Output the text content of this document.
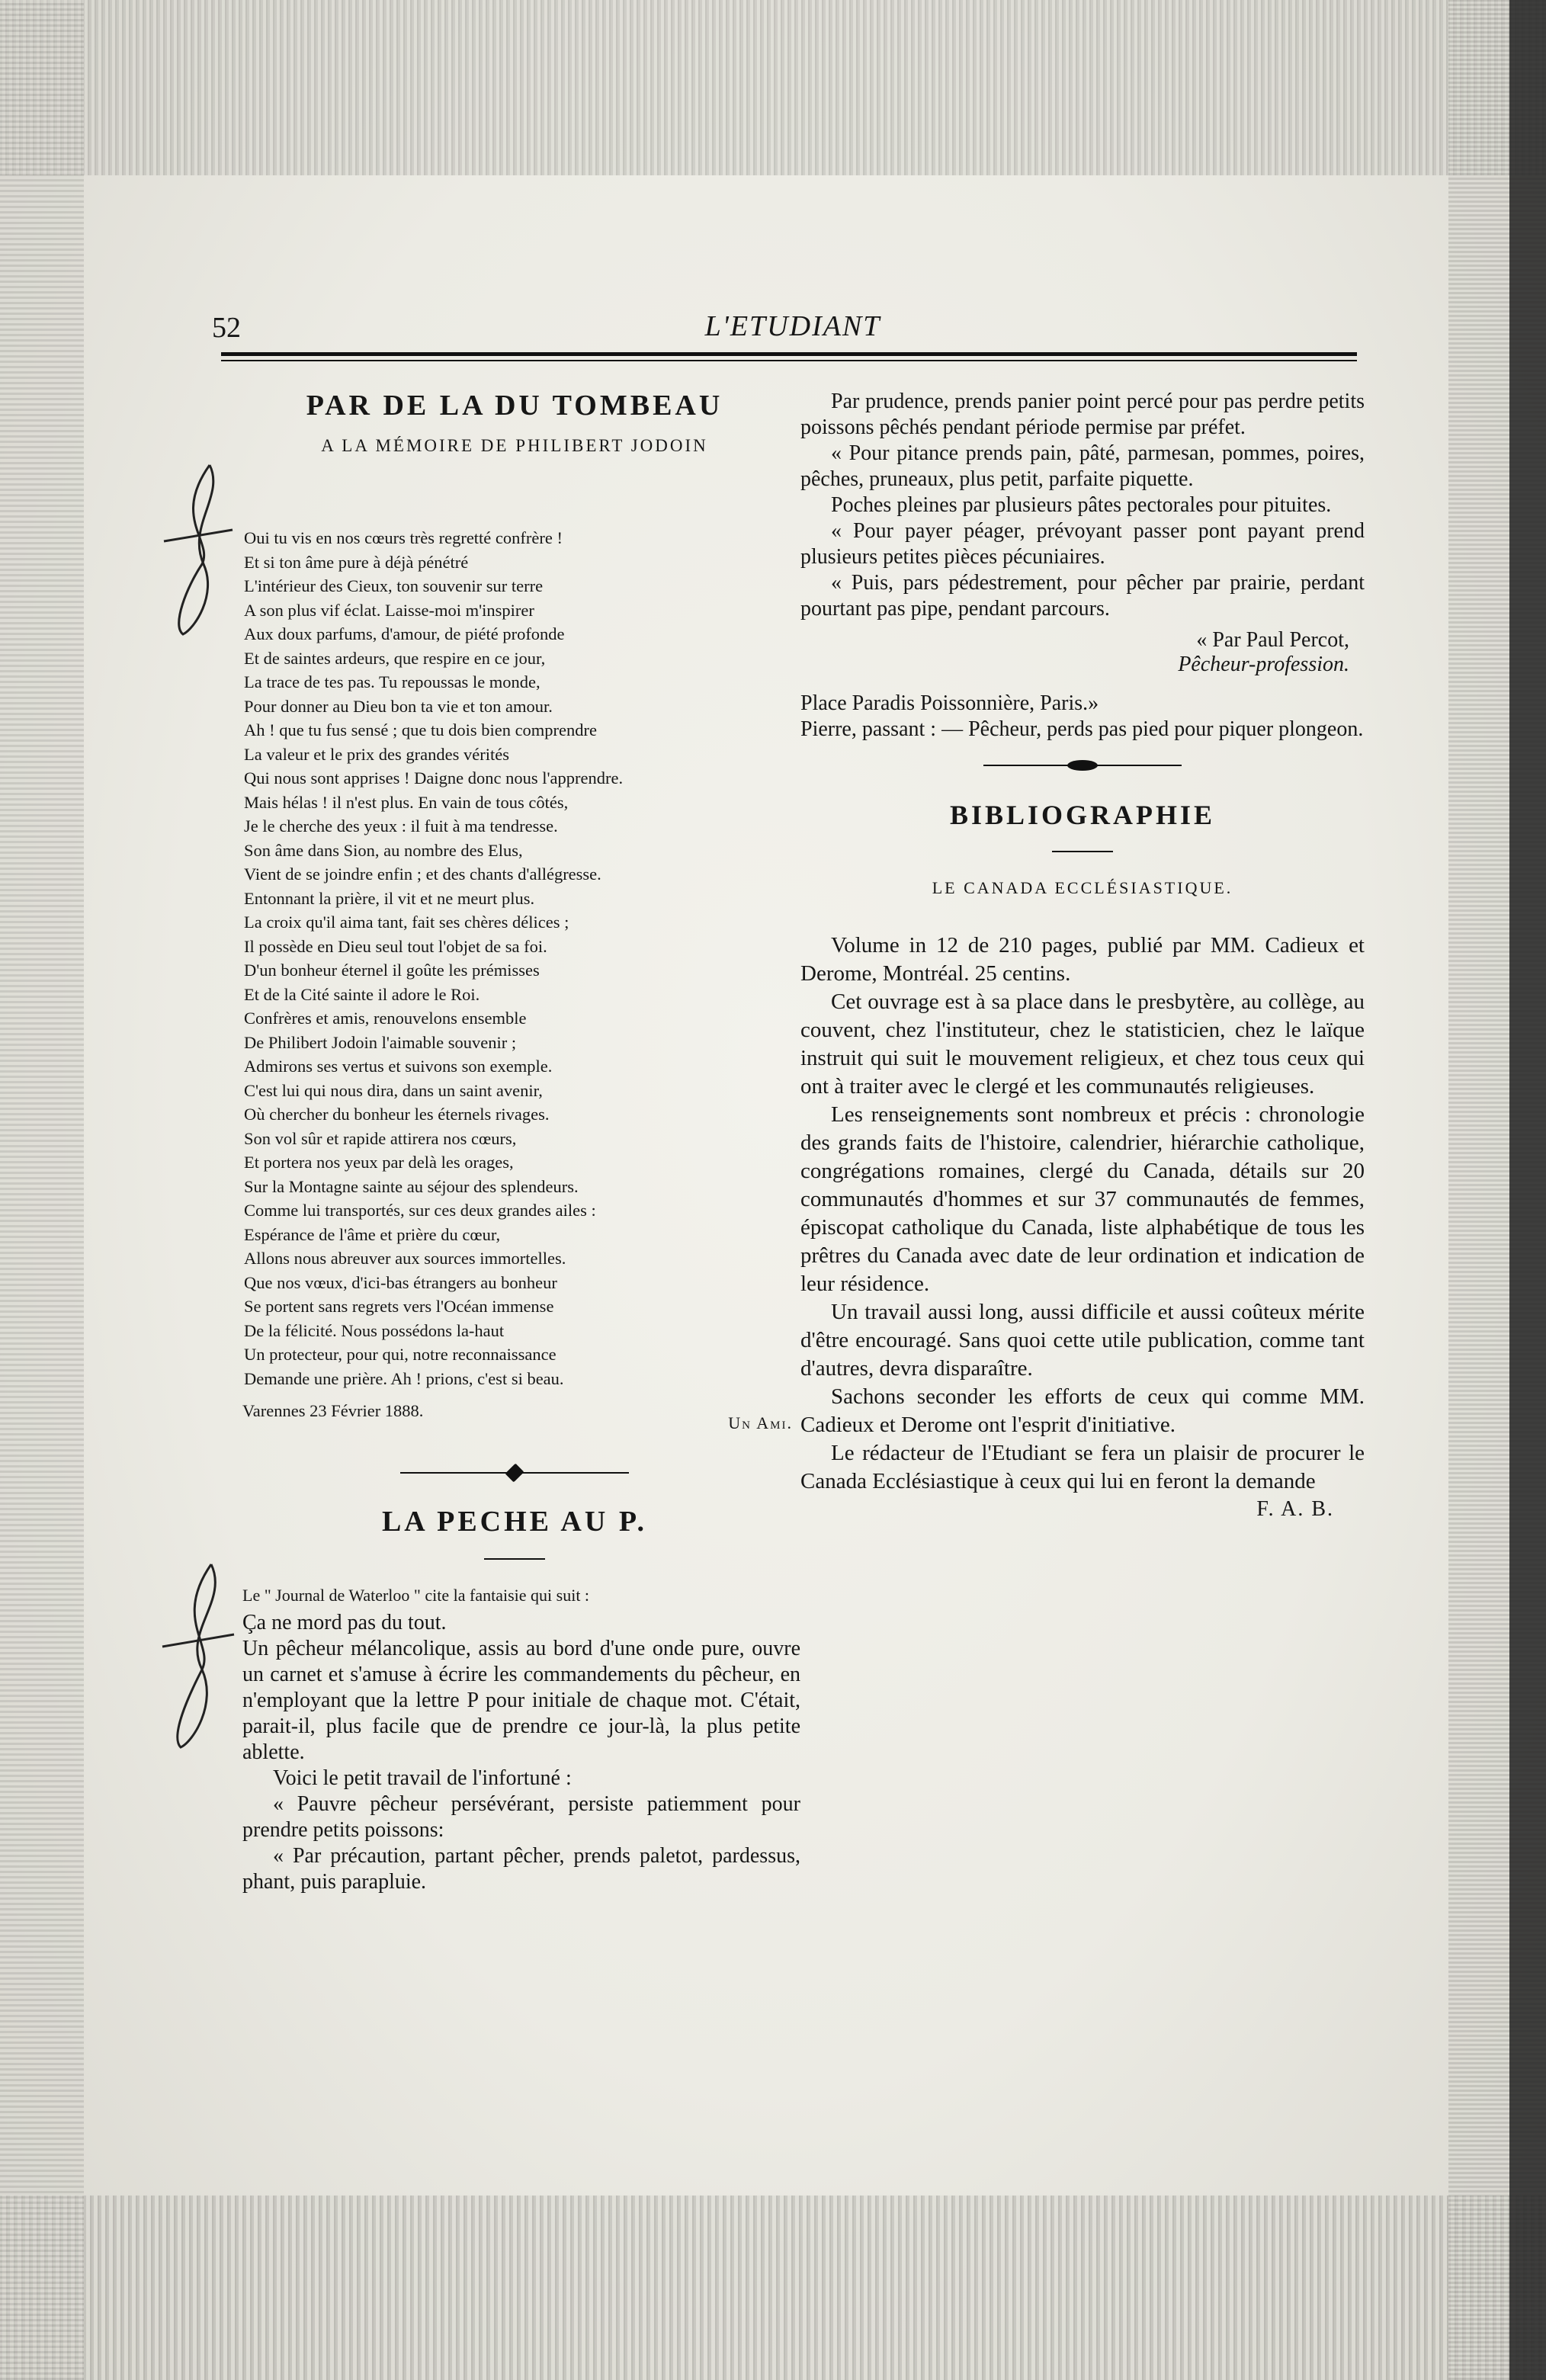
52	L'ETUDIANT
PAR DE LA DU TOMBEAU
A LA MÉMOIRE DE PHILIBERT JODOIN
Oui tu vis en nos cœurs très regretté confrère !
Et si ton âme pure à déjà pénétré
L'intérieur des Cieux, ton souvenir sur terre
A son plus vif éclat. Laisse-moi m'inspirer
Aux doux parfums, d'amour, de piété profonde
Et de saintes ardeurs, que respire en ce jour,
La trace de tes pas. Tu repoussas le monde,
Pour donner au Dieu bon ta vie et ton amour.
Ah ! que tu fus sensé ; que tu dois bien comprendre
La valeur et le prix des grandes vérités
Qui nous sont apprises ! Daigne donc nous l'apprendre.
Mais hélas ! il n'est plus. En vain de tous côtés,
Je le cherche des yeux : il fuit à ma tendresse.
Son âme dans Sion, au nombre des Elus,
Vient de se joindre enfin ; et des chants d'allégresse.
Entonnant la prière, il vit et ne meurt plus.
La croix qu'il aima tant, fait ses chères délices ;
Il possède en Dieu seul tout l'objet de sa foi.
D'un bonheur éternel il goûte les prémisses
Et de la Cité sainte il adore le Roi.
Confrères et amis, renouvelons ensemble
De Philibert Jodoin l'aimable souvenir ;
Admirons ses vertus et suivons son exemple.
C'est lui qui nous dira, dans un saint avenir,
Où chercher du bonheur les éternels rivages.
Son vol sûr et rapide attirera nos cœurs,
Et portera nos yeux par delà les orages,
Sur la Montagne sainte au séjour des splendeurs.
Comme lui transportés, sur ces deux grandes ailes :
Espérance de l'âme et prière du cœur,
Allons nous abreuver aux sources immortelles.
Que nos vœux, d'ici-bas étrangers au bonheur
Se portent sans regrets vers l'Océan immense
De la félicité. Nous possédons la-haut
Un protecteur, pour qui, notre reconnaissance
Demande une prière. Ah ! prions, c'est si beau.
Varennes 23 Février 1888.
Un Ami.
LA PECHE AU P.

Le " Journal de Waterloo " cite la fantaisie qui suit :

Ça ne mord pas du tout.

Un pêcheur mélancolique, assis au bord d'une onde pure, ouvre un carnet et s'amuse à écrire les commandements du pêcheur, en n'employant que la lettre P pour initiale de chaque mot. C'était, parait-il, plus facile que de prendre ce jour-là, la plus petite ablette.

Voici le petit travail de l'infortuné :

« Pauvre pêcheur persévérant, persiste patiemment pour prendre petits poissons:

« Par précaution, partant pêcher, prends paletot, pardessus, phant, puis parapluie.

Par prudence, prends panier point percé pour pas perdre petits poissons pêchés pendant période permise par préfet.

« Pour pitance prends pain, pâté, parmesan, pommes, poires, pêches, pruneaux, plus petit, parfaite piquette.

Poches pleines par plusieurs pâtes pectorales pour pituites.

« Pour payer péager, prévoyant passer pont payant prend plusieurs petites pièces pécuniaires.

« Puis, pars pédestrement, pour pêcher par prairie, perdant pourtant pas pipe, pendant parcours.

« Par Paul Percot,
Pêcheur-profession.

Place Paradis Poissonnière, Paris.»

Pierre, passant : — Pêcheur, perds pas pied pour piquer plongeon.

BIBLIOGRAPHIE
LE CANADA ECCLÉSIASTIQUE.

Volume in 12 de 210 pages, publié par MM. Cadieux et Derome, Montréal. 25 centins.

Cet ouvrage est à sa place dans le presbytère, au collège, au couvent, chez l'instituteur, chez le statisticien, chez le laïque instruit qui suit le mouvement religieux, et chez tous ceux qui ont à traiter avec le clergé et les communautés religieuses.

Les renseignements sont nombreux et précis : chronologie des grands faits de l'histoire, calendrier, hiérarchie catholique, congrégations romaines, clergé du Canada, détails sur 20 communautés d'hommes et sur 37 communautés de femmes, épiscopat catholique du Canada, liste alphabétique de tous les prêtres du Canada avec date de leur ordination et indication de leur résidence.

Un travail aussi long, aussi difficile et aussi coûteux mérite d'être encouragé. Sans quoi cette utile publication, comme tant d'autres, devra disparaître.

Sachons seconder les efforts de ceux qui comme MM. Cadieux et Derome ont l'esprit d'initiative.

Le rédacteur de l'Etudiant se fera un plaisir de procurer le Canada Ecclésiastique à ceux qui lui en feront la demande

F. A. B.
